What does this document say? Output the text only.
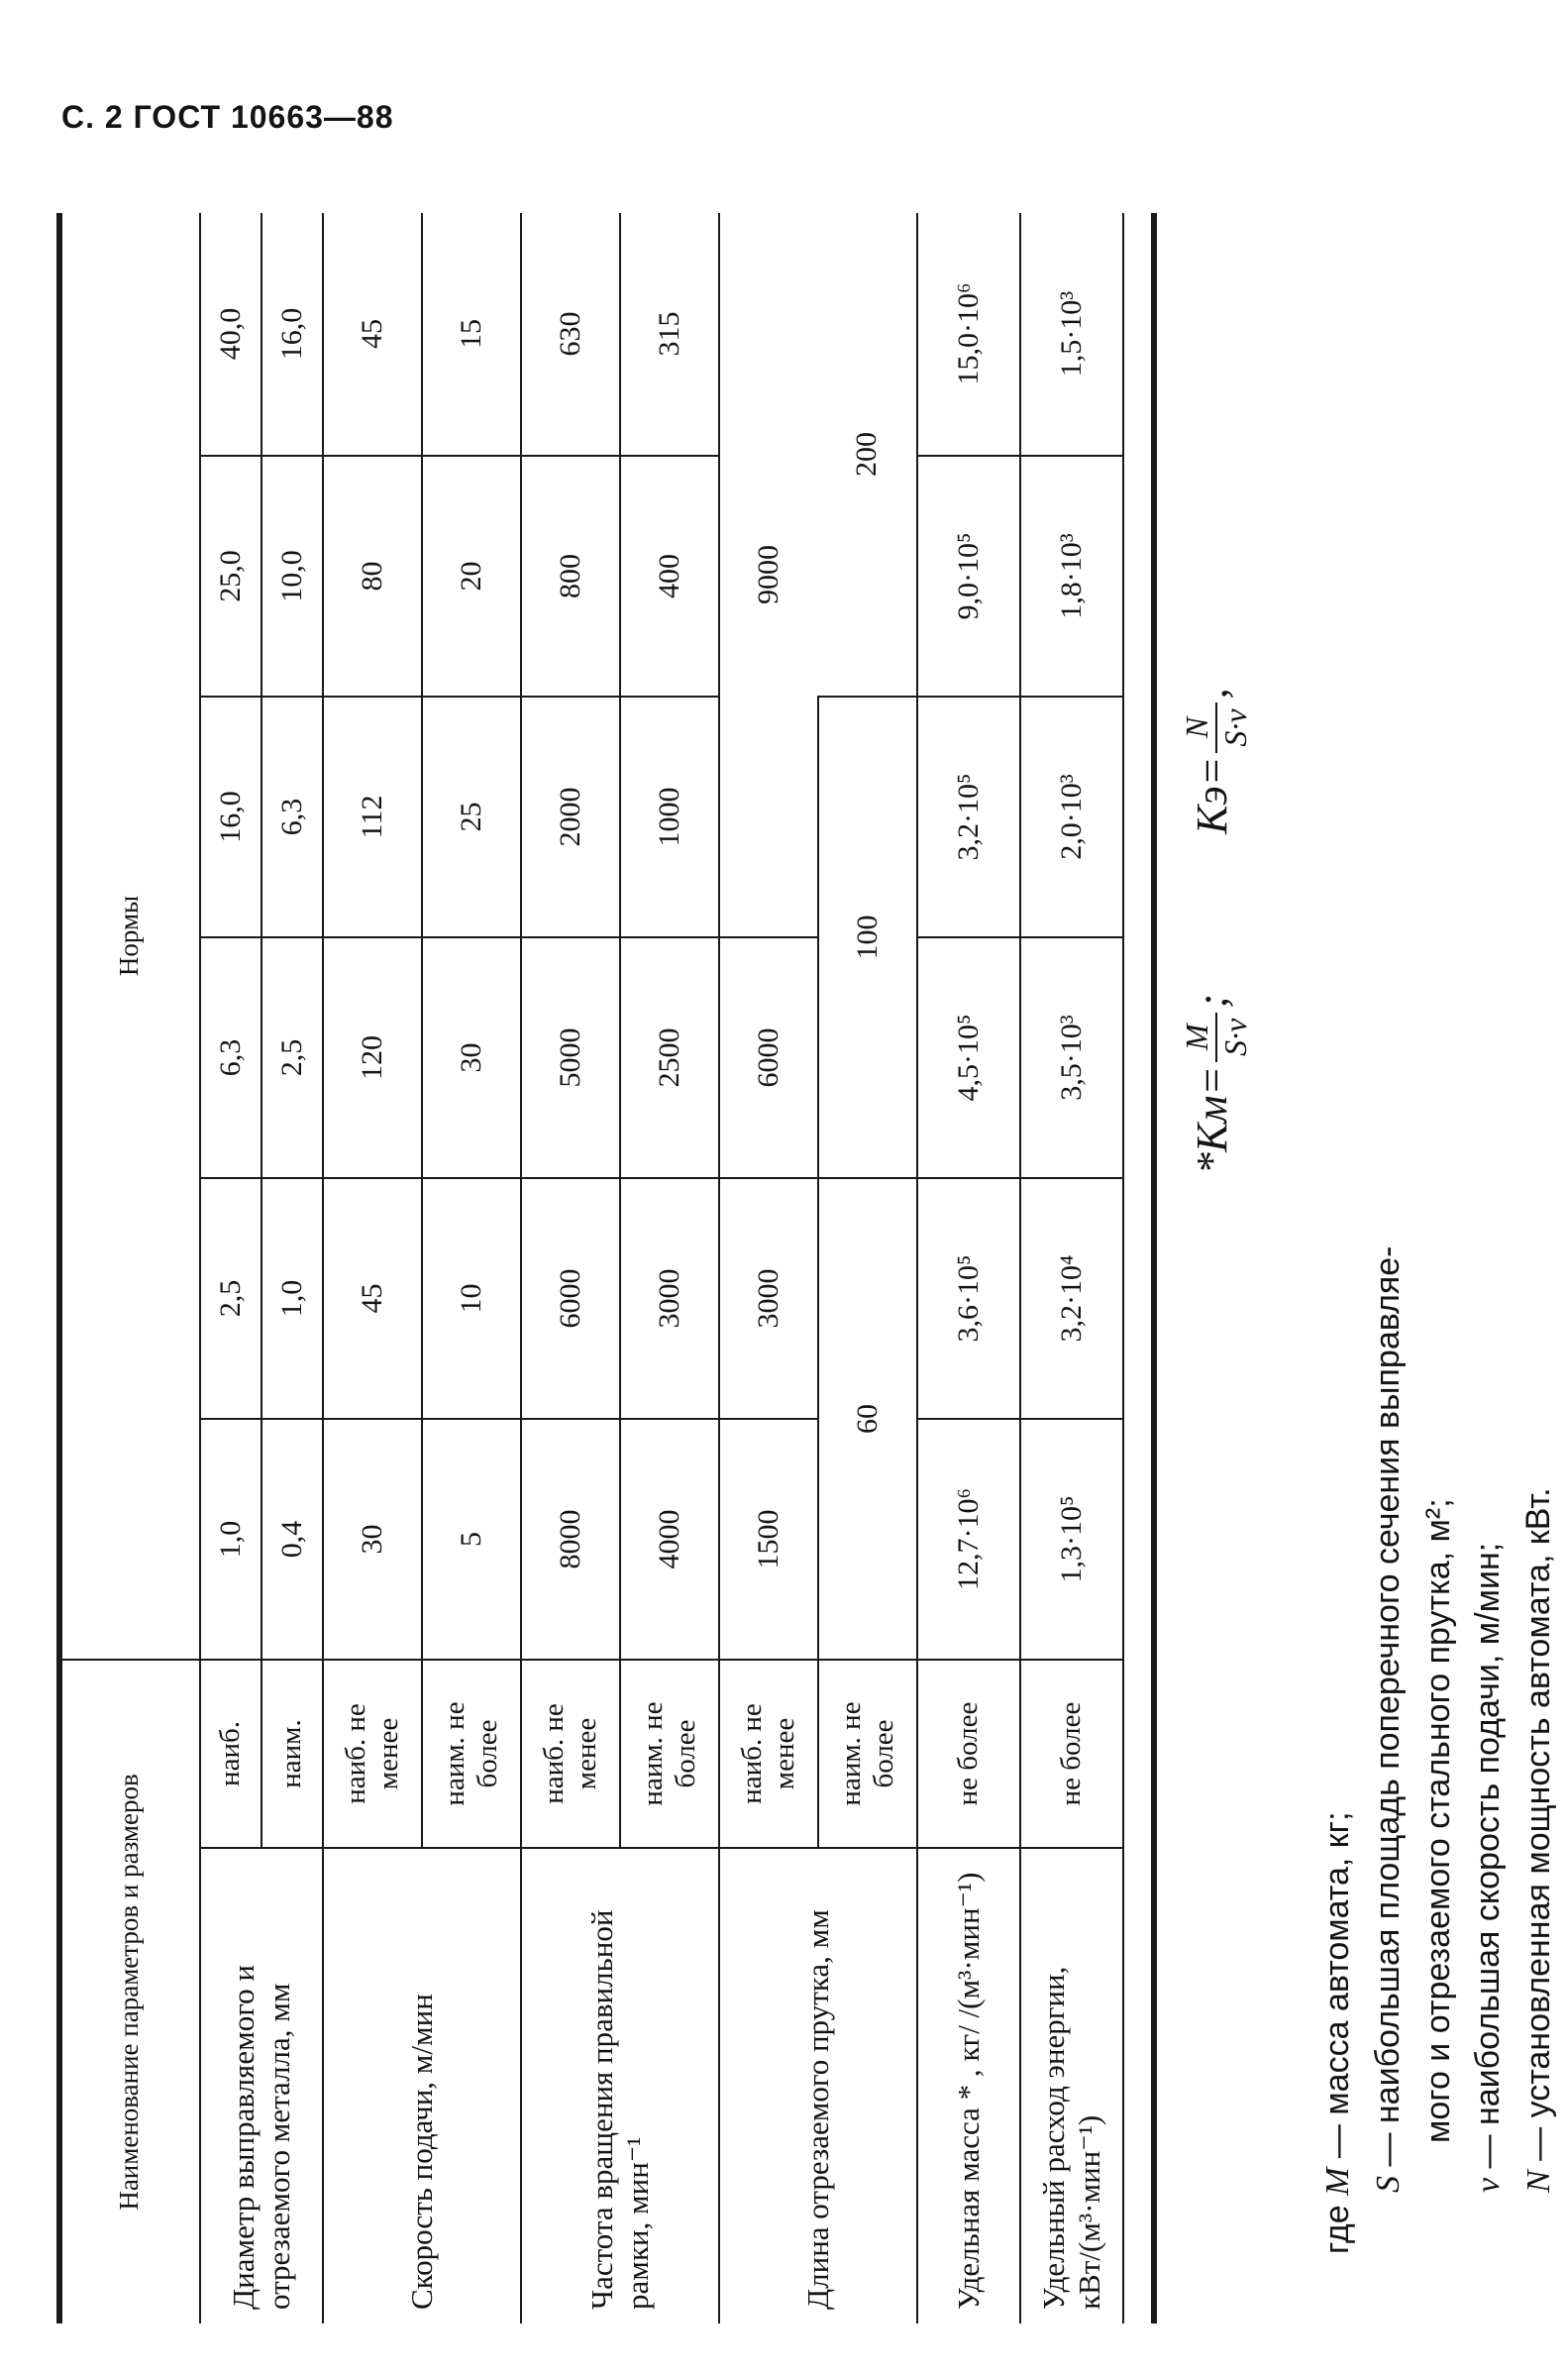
С. 2 ГОСТ 10663—88
Наименование параметров и размеров		Нормы					
Диаметр выправляемого и отрезаемого металла, мм	наиб.	1,0	2,5	6,3	16,0	25,0	40,0
	наим.	0,4	1,0	2,5	6,3	10,0	16,0
Скорость подачи, м/мин	наиб. не менее	30	45	120	112	80	45
	наим. не более	5	10	30	25	20	15
Частота вращения правильной рамки, мин⁻¹	наиб. не менее	8000	6000	5000	2000	800	630
	наим. не более	4000	3000	2500	1000	400	315
Длина отрезаемого прутка, мм	наиб. не менее	1500	3000	6000	9000		
	наим. не более	60		100		200	
Удельная масса * , кг/ /(м³·мин⁻¹)	не более	12,7·10⁶	3,6·10⁵	4,5·10⁵	3,2·10⁵	9,0·10⁵	15,0·10⁶
Удельный расход энергии, кВт/(м³·мин⁻¹)	не более	1,3·10⁵	3,2·10⁴	3,5·10³	2,0·10³	1,8·10³	1,5·10³
*Kм=
M S·v
; Kэ=
N S·v
,
где M — масса автомата, кг;
S — наибольшая площадь поперечного сечения выправляе- мого и отрезаемого стального прутка, м²;
v — наибольшая скорость подачи, м/мин;
N — установленная мощность автомата, кВт.
